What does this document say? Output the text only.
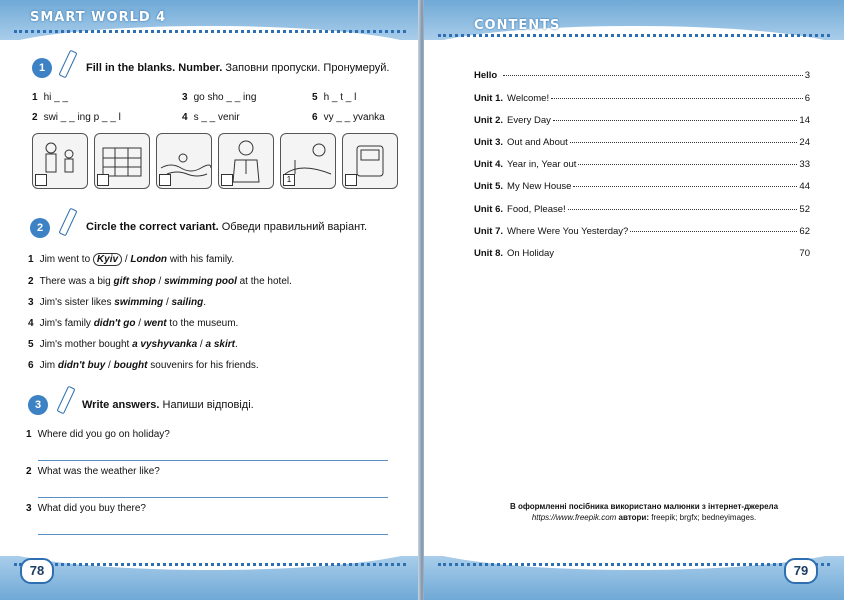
SMART WORLD 4
1	Fill in the blanks. Number. Заповни пропуски. Пронумеруй.
1 hi _ _	3 go sho _ _ ing	5 h _ t _ l
2 swi _ _ ing p _ _ l	4 s _ _ venir	6 vy _ _ yvanka
1
2	Circle the correct variant. Обведи правильний варіант.
1 Jim went to Kyiv / London with his family.
2 There was a big gift shop / swimming pool at the hotel.
3 Jim's sister likes swimming / sailing.
4 Jim's family didn't go / went to the museum.
5 Jim's mother bought a vyshyvanka / a skirt.
6 Jim didn't buy / bought souvenirs for his friends.
3	Write answers. Напиши відповіді.
1 Where did you go on holiday?
2 What was the weather like?
3 What did you buy there?
78
CONTENTS
Hello	3
Unit 1. Welcome!	6
Unit 2. Every Day	14
Unit 3. Out and About	24
Unit 4. Year in, Year out	33
Unit 5. My New House	44
Unit 6. Food, Please!	52
Unit 7. Where Were You Yesterday?	62
Unit 8. On Holiday	70
В оформленні посібника використано малюнки з інтернет-джерела
https://www.freepik.com автори: freepik; brgfx; bedneyimages.
79
